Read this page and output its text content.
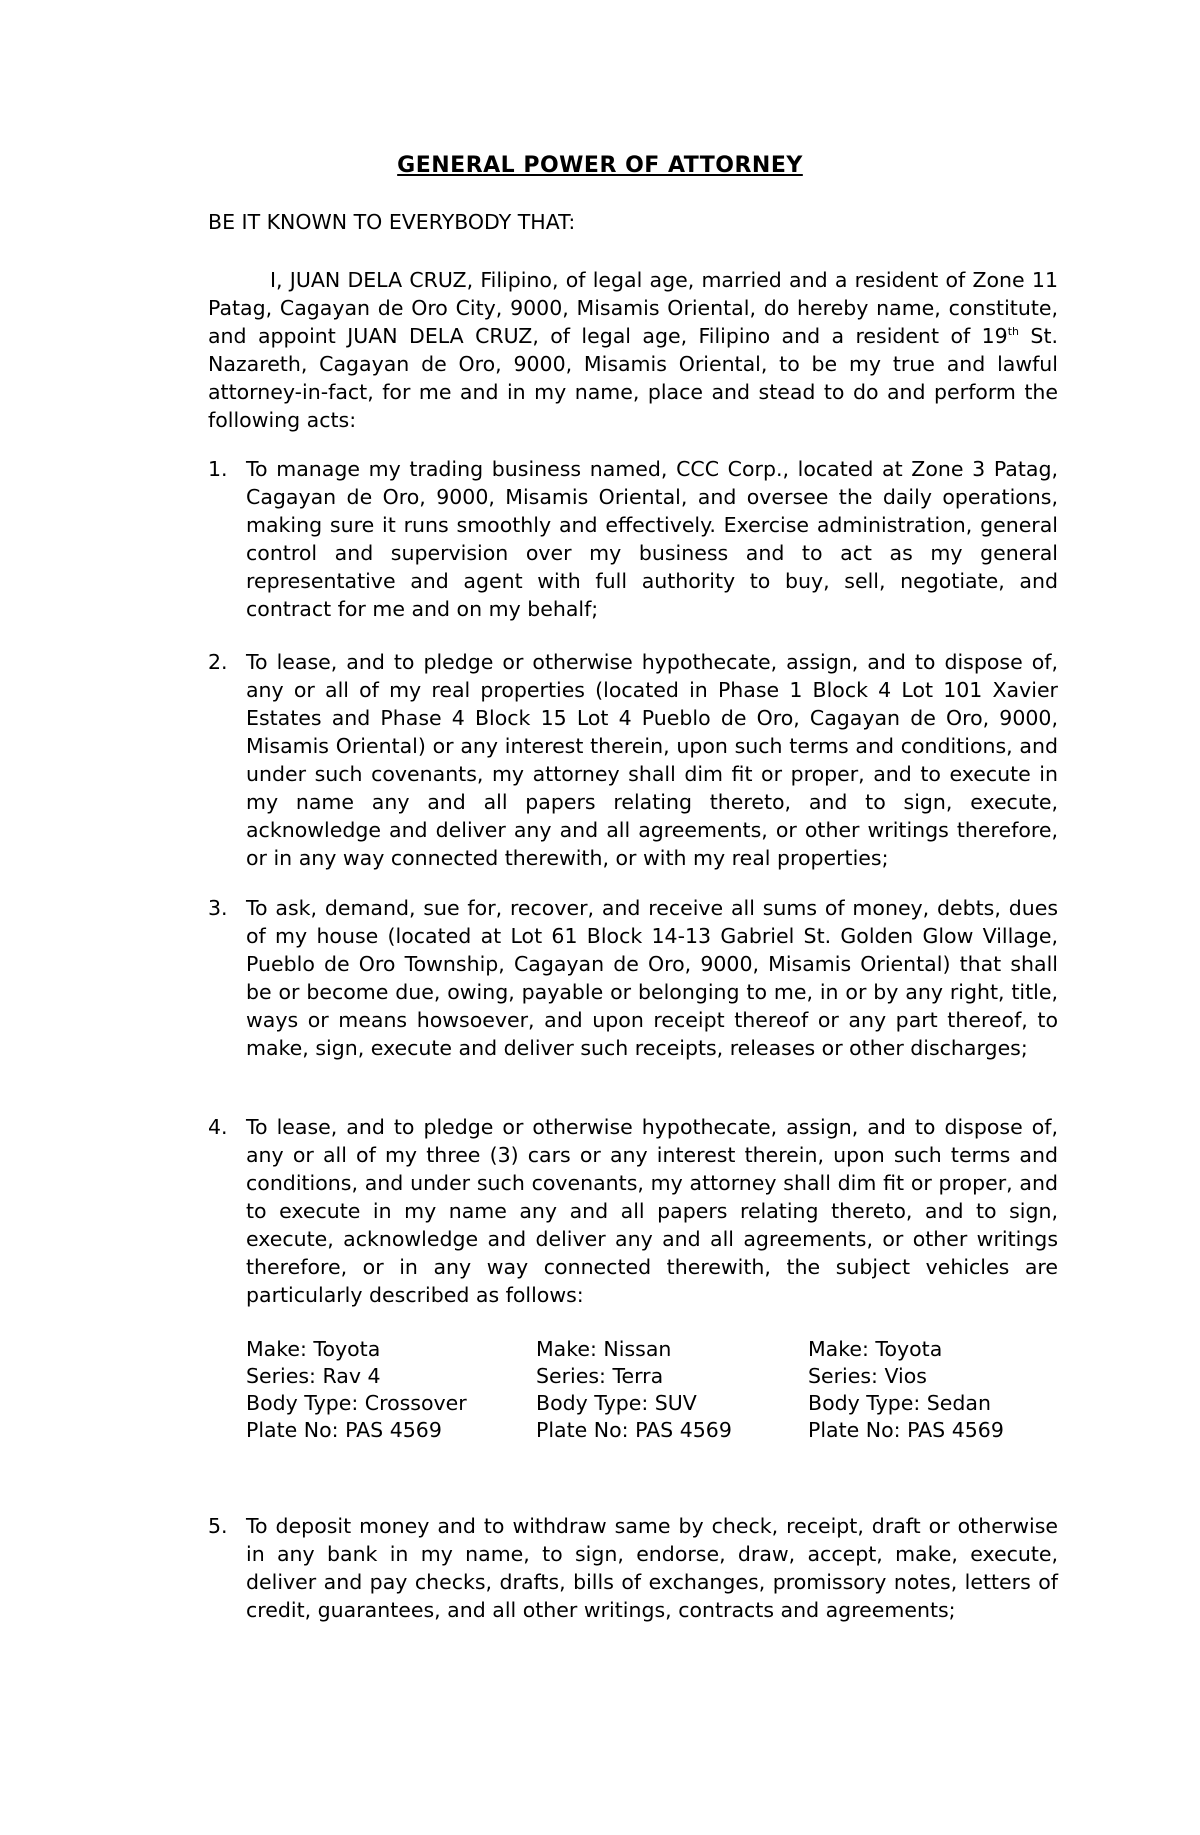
GENERAL POWER OF ATTORNEY
BE IT KNOWN TO EVERYBODY THAT:
I, JUAN DELA CRUZ, Filipino, of legal age, married and a resident of Zone 11 Patag, Cagayan de Oro City, 9000, Misamis Oriental, do hereby name, constitute, and appoint JUAN DELA CRUZ, of legal age, Filipino and a resident of 19th St. Nazareth, Cagayan de Oro, 9000, Misamis Oriental, to be my true and lawful attorney-in-fact, for me and in my name, place and stead to do and perform the following acts:
1. To manage my trading business named, CCC Corp., located at Zone 3 Patag, Cagayan de Oro, 9000, Misamis Oriental, and oversee the daily operations, making sure it runs smoothly and effectively. Exercise administration, general control and supervision over my business and to act as my general representative and agent with full authority to buy, sell, negotiate, and contract for me and on my behalf;
2. To lease, and to pledge or otherwise hypothecate, assign, and to dispose of, any or all of my real properties (located in Phase 1 Block 4 Lot 101 Xavier Estates and Phase 4 Block 15 Lot 4 Pueblo de Oro, Cagayan de Oro, 9000, Misamis Oriental) or any interest therein, upon such terms and conditions, and under such covenants, my attorney shall dim fit or proper, and to execute in my name any and all papers relating thereto, and to sign, execute, acknowledge and deliver any and all agreements, or other writings therefore, or in any way connected therewith, or with my real properties;
3. To ask, demand, sue for, recover, and receive all sums of money, debts, dues of my house (located at Lot 61 Block 14-13 Gabriel St. Golden Glow Village, Pueblo de Oro Township, Cagayan de Oro, 9000, Misamis Oriental) that shall be or become due, owing, payable or belonging to me, in or by any right, title, ways or means howsoever, and upon receipt thereof or any part thereof, to make, sign, execute and deliver such receipts, releases or other discharges;
4. To lease, and to pledge or otherwise hypothecate, assign, and to dispose of, any or all of my three (3) cars or any interest therein, upon such terms and conditions, and under such covenants, my attorney shall dim fit or proper, and to execute in my name any and all papers relating thereto, and to sign, execute, acknowledge and deliver any and all agreements, or other writings therefore, or in any way connected therewith, the subject vehicles are particularly described as follows:
5. To deposit money and to withdraw same by check, receipt, draft or otherwise in any bank in my name, to sign, endorse, draw, accept, make, execute, deliver and pay checks, drafts, bills of exchanges, promissory notes, letters of credit, guarantees, and all other writings, contracts and agreements;
Make: Toyota
Series: Rav 4
Body Type: Crossover
Plate No: PAS 4569
Make: Nissan
Series: Terra
Body Type: SUV
Plate No: PAS 4569
Make: Toyota
Series: Vios
Body Type: Sedan
Plate No: PAS 4569
